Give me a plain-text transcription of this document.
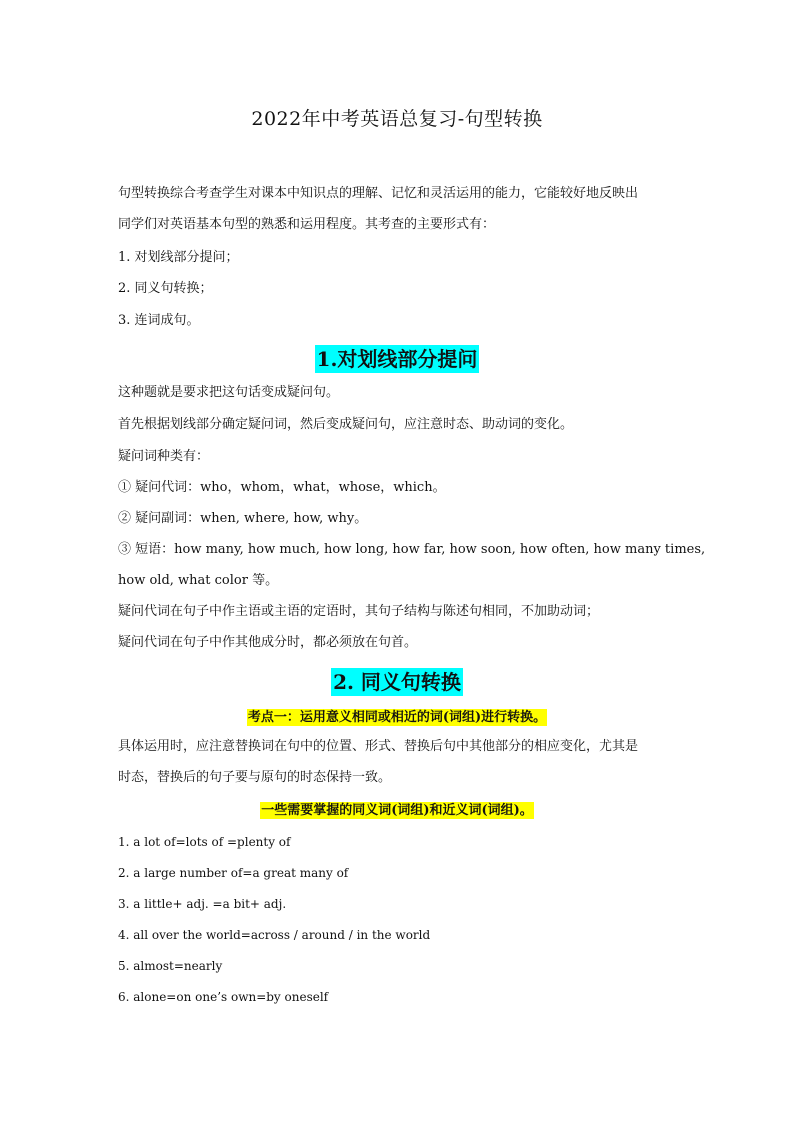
2022年中考英语总复习-句型转换
句型转换综合考查学生对课本中知识点的理解、记忆和灵活运用的能力，它能较好地反映出
同学们对英语基本句型的熟悉和运用程度。其考查的主要形式有：
1. 对划线部分提问；
2. 同义句转换；
3. 连词成句。
1.对划线部分提问
这种题就是要求把这句话变成疑问句。
首先根据划线部分确定疑问词，然后变成疑问句，应注意时态、助动词的变化。
疑问词种类有：
① 疑问代词：who，whom，what，whose，which。
② 疑问副词：when, where, how, why。
③ 短语：how many, how much, how long, how far, how soon, how often, how many times,
how old, what color 等。
疑问代词在句子中作主语或主语的定语时，其句子结构与陈述句相同，不加助动词；
疑问代词在句子中作其他成分时，都必须放在句首。
2. 同义句转换
考点一：运用意义相同或相近的词(词组)进行转换。
具体运用时，应注意替换词在句中的位置、形式、替换后句中其他部分的相应变化，尤其是
时态，替换后的句子要与原句的时态保持一致。
一些需要掌握的同义词(词组)和近义词(词组)。
1. a lot of=lots of =plenty of
2. a large number of=a great many of
3. a little+ adj. =a bit+ adj.
4. all over the world=across / around / in the world
5. almost=nearly
6. alone=on one’s own=by oneself
